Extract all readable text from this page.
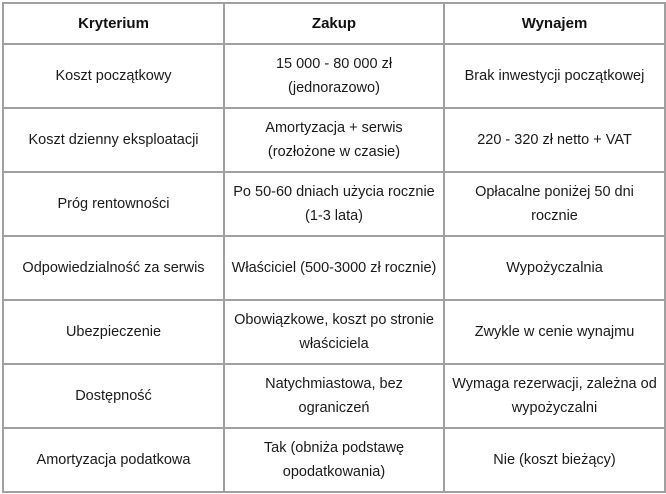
Kryterium	Zakup	Wynajem
Koszt początkowy	15 000 - 80 000 zł (jednorazowo)	Brak inwestycji początkowej
Koszt dzienny eksploatacji	Amortyzacja + serwis (rozłożone w czasie)	220 - 320 zł netto + VAT
Próg rentowności	Po 50-60 dniach użycia rocznie (1-3 lata)	Opłacalne poniżej 50 dni rocznie
Odpowiedzialność za serwis	Właściciel (500-3000 zł rocznie)	Wypożyczalnia
Ubezpieczenie	Obowiązkowe, koszt po stronie właściciela	Zwykle w cenie wynajmu
Dostępność	Natychmiastowa, bez ograniczeń	Wymaga rezerwacji, zależna od wypożyczalni
Amortyzacja podatkowa	Tak (obniża podstawę opodatkowania)	Nie (koszt bieżący)
